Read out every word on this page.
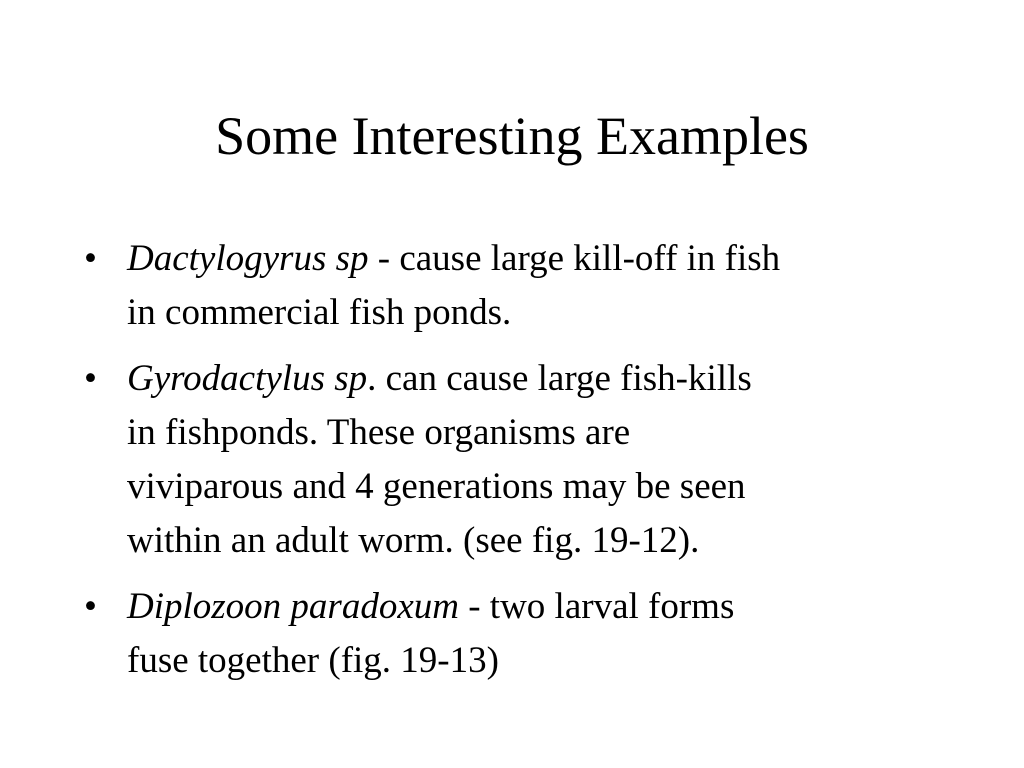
Some Interesting Examples
• Dactylogyrus sp - cause large kill-off in fish
in commercial fish ponds.
• Gyrodactylus sp. can cause large fish-kills
in fishponds. These organisms are
viviparous and 4 generations may be seen
within an adult worm. (see fig. 19-12).
• Diplozoon paradoxum - two larval forms
fuse together (fig. 19-13)
